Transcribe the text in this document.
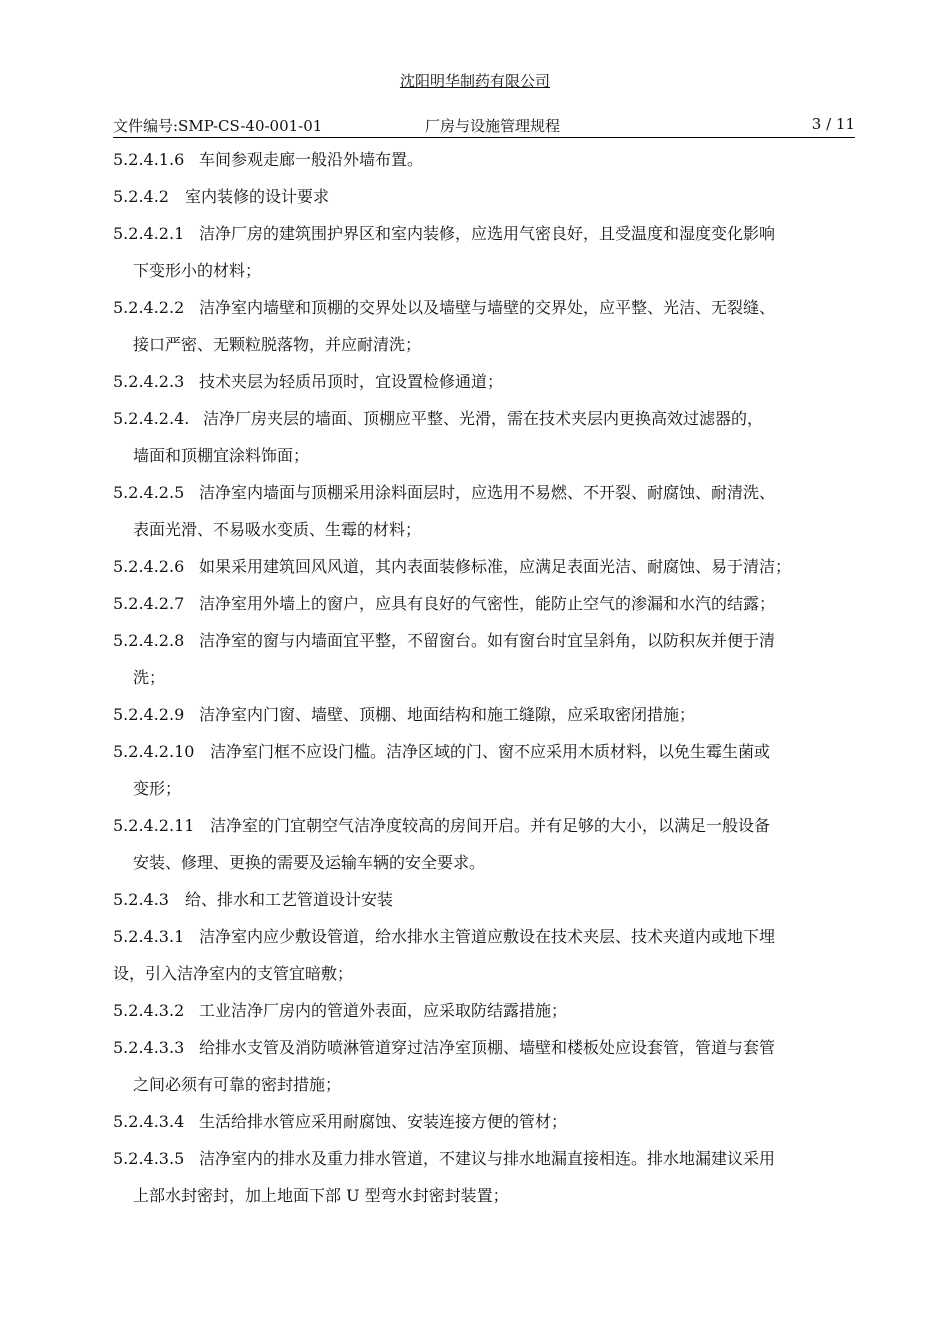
沈阳明华制药有限公司
文件编号:SMP-CS-40-001-01	厂房与设施管理规程	3 / 11
5.2.4.1.6 车间参观走廊一般沿外墙布置。
5.2.4.2 室内装修的设计要求
5.2.4.2.1 洁净厂房的建筑围护界区和室内装修，应选用气密良好，且受温度和湿度变化影响
下变形小的材料；
5.2.4.2.2 洁净室内墙壁和顶棚的交界处以及墙壁与墙壁的交界处，应平整、光洁、无裂缝、
接口严密、无颗粒脱落物，并应耐清洗；
5.2.4.2.3 技术夹层为轻质吊顶时，宜设置检修通道；
5.2.4.2.4. 洁净厂房夹层的墙面、顶棚应平整、光滑，需在技术夹层内更换高效过滤器的，
墙面和顶棚宜涂料饰面；
5.2.4.2.5 洁净室内墙面与顶棚采用涂料面层时，应选用不易燃、不开裂、耐腐蚀、耐清洗、
表面光滑、不易吸水变质、生霉的材料；
5.2.4.2.6 如果采用建筑回风风道，其内表面装修标准，应满足表面光洁、耐腐蚀、易于清洁；
5.2.4.2.7 洁净室用外墙上的窗户，应具有良好的气密性，能防止空气的渗漏和水汽的结露；
5.2.4.2.8 洁净室的窗与内墙面宜平整，不留窗台。如有窗台时宜呈斜角，以防积灰并便于清
洗；
5.2.4.2.9 洁净室内门窗、墙壁、顶棚、地面结构和施工缝隙，应采取密闭措施；
5.2.4.2.10 洁净室门框不应设门槛。洁净区域的门、窗不应采用木质材料，以免生霉生菌或
变形；
5.2.4.2.11 洁净室的门宜朝空气洁净度较高的房间开启。并有足够的大小，以满足一般设备
安装、修理、更换的需要及运输车辆的安全要求。
5.2.4.3 给、排水和工艺管道设计安装
5.2.4.3.1 洁净室内应少敷设管道，给水排水主管道应敷设在技术夹层、技术夹道内或地下埋
设，引入洁净室内的支管宜暗敷；
5.2.4.3.2 工业洁净厂房内的管道外表面，应采取防结露措施；
5.2.4.3.3 给排水支管及消防喷淋管道穿过洁净室顶棚、墙壁和楼板处应设套管，管道与套管
之间必须有可靠的密封措施；
5.2.4.3.4 生活给排水管应采用耐腐蚀、安装连接方便的管材；
5.2.4.3.5 洁净室内的排水及重力排水管道，不建议与排水地漏直接相连。排水地漏建议采用
上部水封密封，加上地面下部 U 型弯水封密封装置；
